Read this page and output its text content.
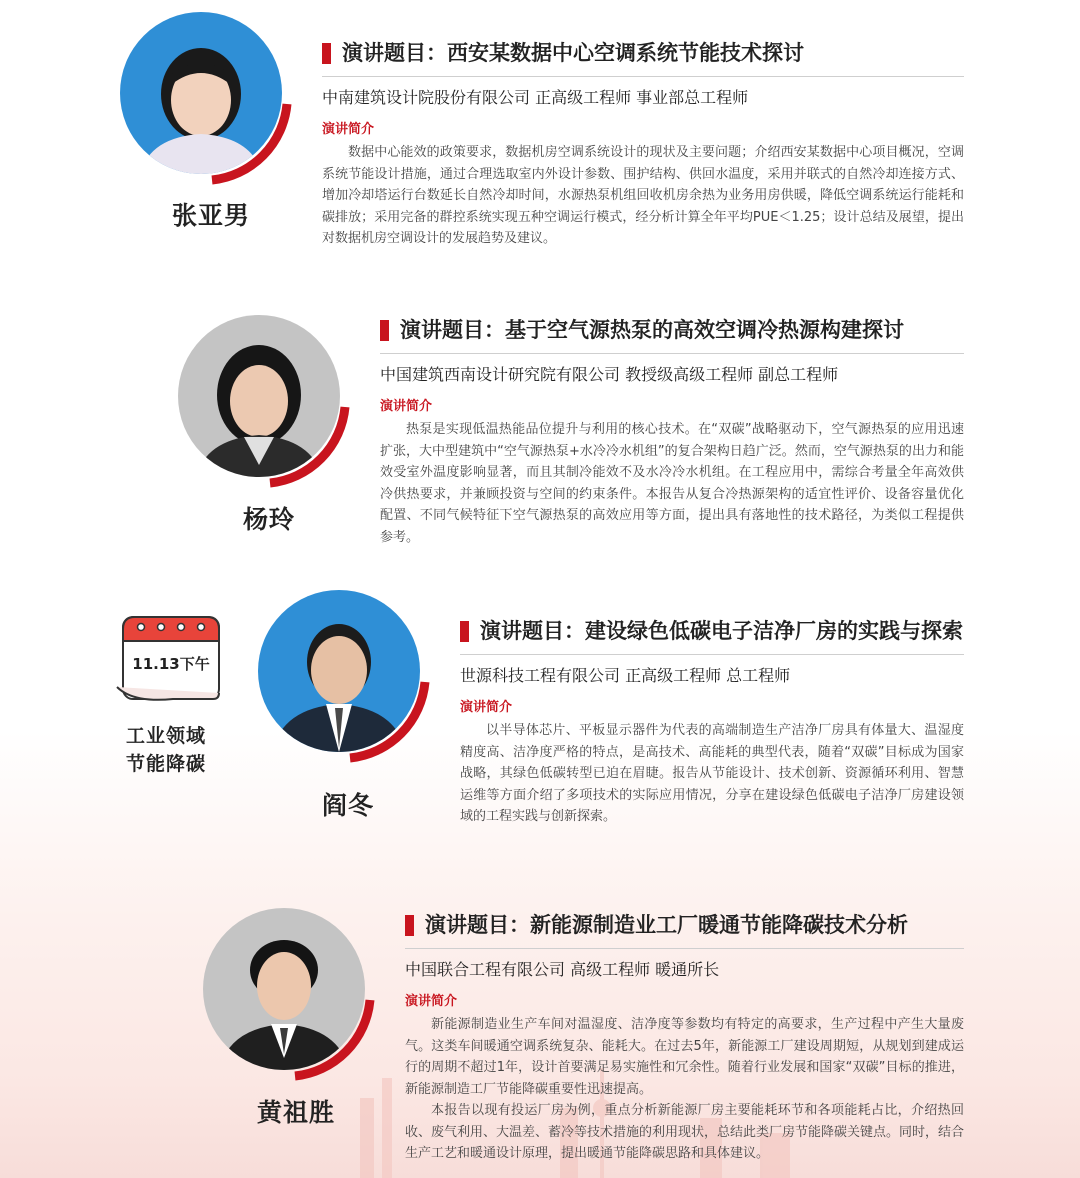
张亚男
演讲题目：西安某数据中心空调系统节能技术探讨
中南建筑设计院股份有限公司 正高级工程师 事业部总工程师
演讲简介
数据中心能效的政策要求，数据机房空调系统设计的现状及主要问题；介绍西安某数据中心项目概况，空调系统节能设计措施，通过合理选取室内外设计参数、围护结构、供回水温度，采用并联式的自然冷却连接方式、增加冷却塔运行台数延长自然冷却时间，水源热泵机组回收机房余热为业务用房供暖，降低空调系统运行能耗和碳排放；采用完备的群控系统实现五种空调运行模式，经分析计算全年平均PUE＜1.25；设计总结及展望，提出对数据机房空调设计的发展趋势及建议。
杨玲
演讲题目：基于空气源热泵的高效空调冷热源构建探讨
中国建筑西南设计研究院有限公司 教授级高级工程师 副总工程师
演讲简介
热泵是实现低温热能品位提升与利用的核心技术。在“双碳”战略驱动下，空气源热泵的应用迅速扩张，大中型建筑中“空气源热泵+水冷冷水机组”的复合架构日趋广泛。然而，空气源热泵的出力和能效受室外温度影响显著，而且其制冷能效不及水冷冷水机组。在工程应用中，需综合考量全年高效供冷供热要求，并兼顾投资与空间的约束条件。本报告从复合冷热源架构的适宜性评价、设备容量优化配置、不同气候特征下空气源热泵的高效应用等方面，提出具有落地性的技术路径，为类似工程提供参考。
11.13下午
工业领域
节能降碳
阎冬
演讲题目：建设绿色低碳电子洁净厂房的实践与探索
世源科技工程有限公司 正高级工程师 总工程师
演讲简介
以半导体芯片、平板显示器件为代表的高端制造生产洁净厂房具有体量大、温湿度精度高、洁净度严格的特点，是高技术、高能耗的典型代表，随着“双碳”目标成为国家战略，其绿色低碳转型已迫在眉睫。报告从节能设计、技术创新、资源循环利用、智慧运维等方面介绍了多项技术的实际应用情况，分享在建设绿色低碳电子洁净厂房建设领域的工程实践与创新探索。
黄祖胜
演讲题目：新能源制造业工厂暖通节能降碳技术分析
中国联合工程有限公司 高级工程师 暖通所长
演讲简介

新能源制造业生产车间对温湿度、洁净度等参数均有特定的高要求，生产过程中产生大量废气。这类车间暖通空调系统复杂、能耗大。在过去5年，新能源工厂建设周期短，从规划到建成运行的周期不超过1年，设计首要满足易实施性和冗余性。随着行业发展和国家“双碳”目标的推进，新能源制造工厂节能降碳重要性迅速提高。

本报告以现有投运厂房为例，重点分析新能源厂房主要能耗环节和各项能耗占比，介绍热回收、废气利用、大温差、蓄冷等技术措施的利用现状，总结此类厂房节能降碳关键点。同时，结合生产工艺和暖通设计原理，提出暖通节能降碳思路和具体建议。
